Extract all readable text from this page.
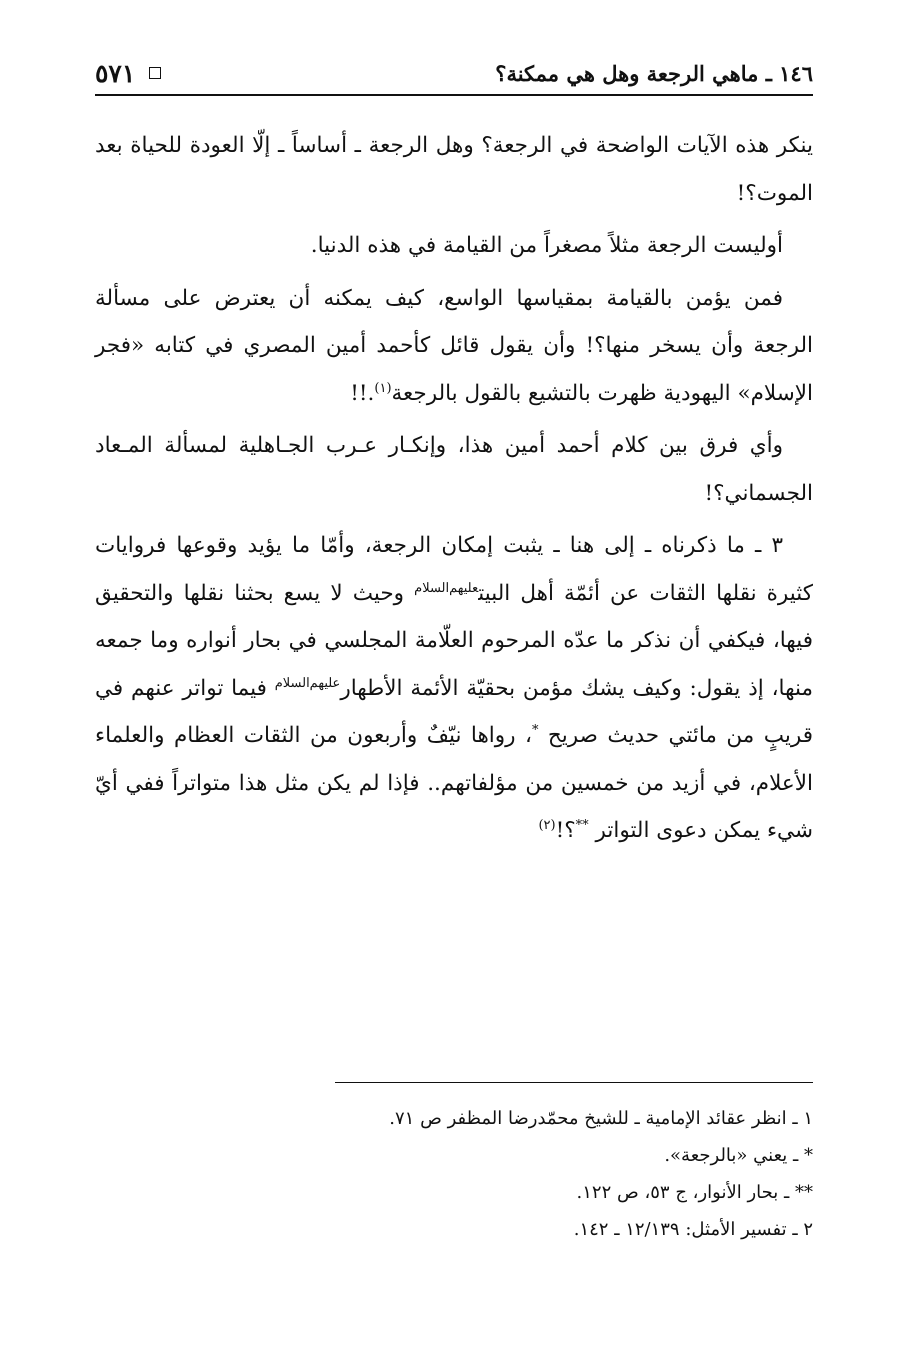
١٤٦ ـ ماهي الرجعة وهل هي ممكنة؟
٥٧١

ينكر هذه الآيات الواضحة في الرجعة؟ وهل الرجعة ـ أساساً ـ إلّا العودة للحياة بعد الموت؟!

أوليست الرجعة مثلاً مصغراً من القيامة في هذه الدنيا.

فمن يؤمن بالقيامة بمقياسها الواسع، كيف يمكنه أن يعترض على مسألة الرجعة وأن يسخر منها؟! وأن يقول قائل كأحمد أمين المصري في كتابه «فجر الإسلام» اليهودية ظهرت بالتشيع بالقول بالرجعة$^{(١)}$.!!

وأي فرق بين كلام أحمد أمين هذا، وإنكـار عـرب الجـاهلية لمسألة المـعاد الجسماني؟!

٣ ـ ما ذكرناه ـ إلى هنا ـ يثبت إمكان الرجعة، وأمّا ما يؤيد وقوعها فروايات كثيرة نقلها الثقات عن أئمّة أهل البيت$^{عليهم‌السلام}$ وحيث لا يسع بحثنا نقلها والتحقيق فيها، فيكفي أن نذكر ما عدّه المرحوم العلّامة المجلسي في بحار أنواره وما جمعه منها، إذ يقول: وكيف يشك مؤمن بحقيّة الأئمة الأطهار$^{عليهم‌السلام}$ فيما تواتر عنهم في قريبٍ من مائتي حديث صريح *، رواها نيّفٌ وأربعون من الثقات العظام والعلماء الأعلام، في أزيد من خمسين من مؤلفاتهم.. فإذا لم يكن مثل هذا متواتراً ففي أيّ شيء يمكن دعوى التواتر **؟!$^{(٢)}$

١ ـ انظر عقائد الإمامية ـ للشيخ محمّدرضا المظفر ص ٧١.

* ـ يعني «بالرجعة».

** ـ بحار الأنوار، ج ٥٣، ص ١٢٢.

٢ ـ تفسير الأمثل: ١٢/١٣٩ ـ ١٤٢.
